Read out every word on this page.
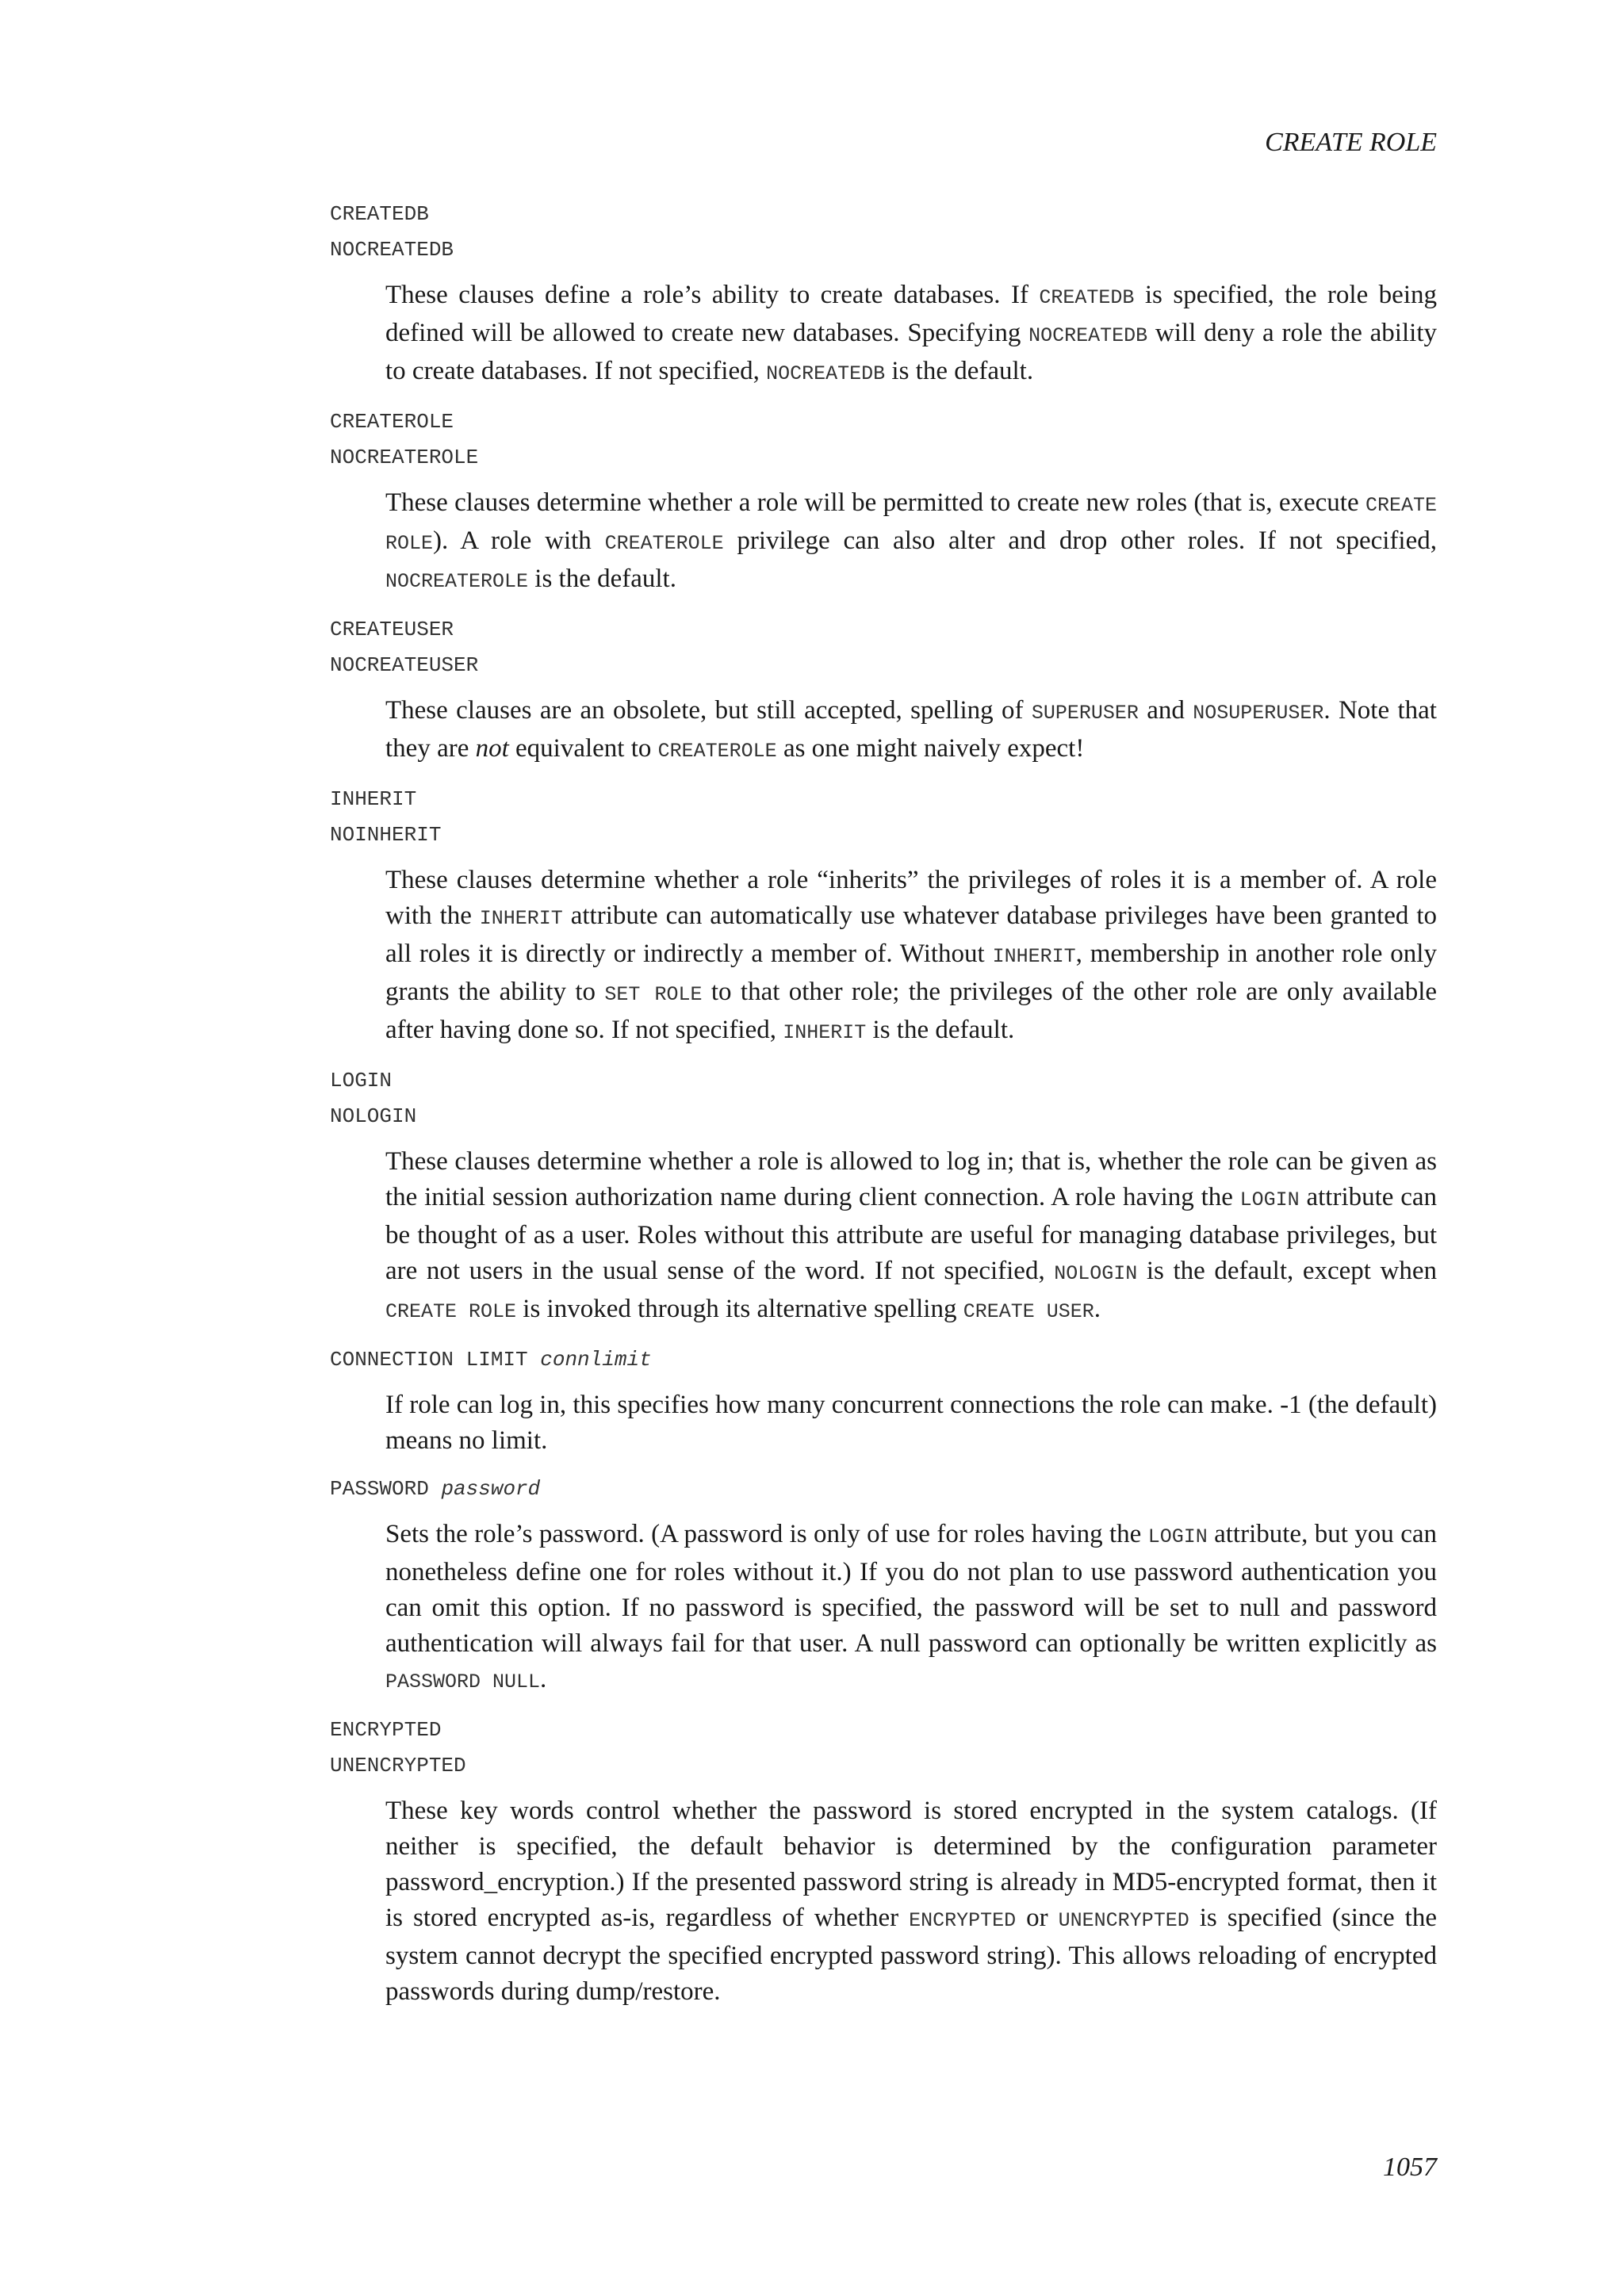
CREATE ROLE
CREATEDB
NOCREATEDB
These clauses define a role’s ability to create databases. If CREATEDB is specified, the role being defined will be allowed to create new databases. Specifying NOCREATEDB will deny a role the ability to create databases. If not specified, NOCREATEDB is the default.
CREATEROLE
NOCREATEROLE
These clauses determine whether a role will be permitted to create new roles (that is, execute CREATE ROLE). A role with CREATEROLE privilege can also alter and drop other roles. If not specified, NOCREATEROLE is the default.
CREATEUSER
NOCREATEUSER
These clauses are an obsolete, but still accepted, spelling of SUPERUSER and NOSUPERUSER. Note that they are not equivalent to CREATEROLE as one might naively expect!
INHERIT
NOINHERIT
These clauses determine whether a role “inherits” the privileges of roles it is a member of. A role with the INHERIT attribute can automatically use whatever database privileges have been granted to all roles it is directly or indirectly a member of. Without INHERIT, membership in another role only grants the ability to SET ROLE to that other role; the privileges of the other role are only available after having done so. If not specified, INHERIT is the default.
LOGIN
NOLOGIN
These clauses determine whether a role is allowed to log in; that is, whether the role can be given as the initial session authorization name during client connection. A role having the LOGIN attribute can be thought of as a user. Roles without this attribute are useful for managing database privileges, but are not users in the usual sense of the word. If not specified, NOLOGIN is the default, except when CREATE ROLE is invoked through its alternative spelling CREATE USER.
CONNECTION LIMIT connlimit
If role can log in, this specifies how many concurrent connections the role can make. -1 (the default) means no limit.
PASSWORD password
Sets the role’s password. (A password is only of use for roles having the LOGIN attribute, but you can nonetheless define one for roles without it.) If you do not plan to use password authentication you can omit this option. If no password is specified, the password will be set to null and password authentication will always fail for that user. A null password can optionally be written explicitly as PASSWORD NULL.
ENCRYPTED
UNENCRYPTED
These key words control whether the password is stored encrypted in the system catalogs. (If neither is specified, the default behavior is determined by the configuration parameter password_encryption.) If the presented password string is already in MD5-encrypted format, then it is stored encrypted as-is, regardless of whether ENCRYPTED or UNENCRYPTED is specified (since the system cannot decrypt the specified encrypted password string). This allows reloading of encrypted passwords during dump/restore.
1057
